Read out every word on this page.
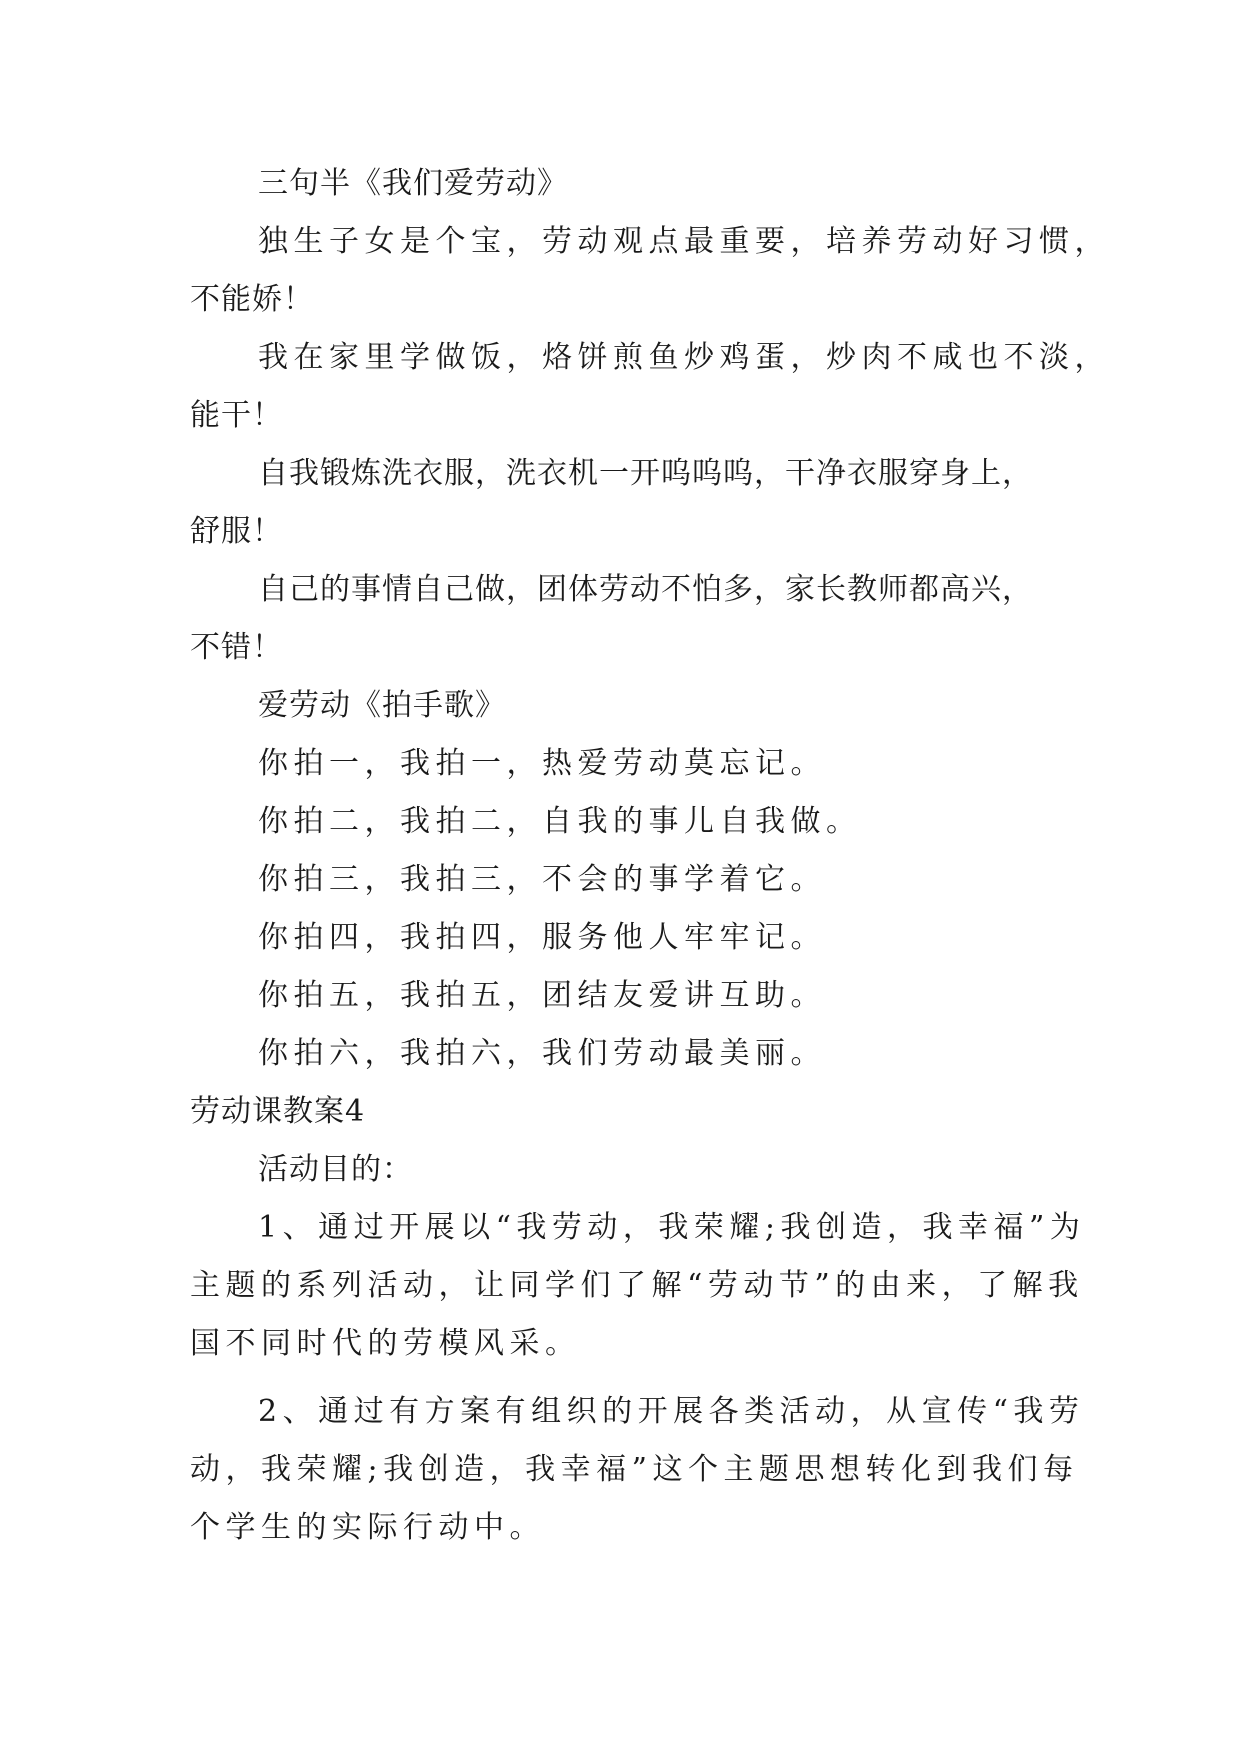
三句半《我们爱劳动》
独生子女是个宝，劳动观点最重要，培养劳动好习惯，
不能娇！
我在家里学做饭，烙饼煎鱼炒鸡蛋，炒肉不咸也不淡，
能干！
自我锻炼洗衣服，洗衣机一开呜呜呜，干净衣服穿身上，
舒服！
自己的事情自己做，团体劳动不怕多，家长教师都高兴，
不错！
爱劳动《拍手歌》
你拍一，我拍一，热爱劳动莫忘记。
你拍二，我拍二，自我的事儿自我做。
你拍三，我拍三，不会的事学着它。
你拍四，我拍四，服务他人牢牢记。
你拍五，我拍五，团结友爱讲互助。
你拍六，我拍六，我们劳动最美丽。
劳动课教案4
活动目的：
1、通过开展以“我劳动，我荣耀;我创造，我幸福”为
主题的系列活动，让同学们了解“劳动节”的由来，了解我
国不同时代的劳模风采。
2、通过有方案有组织的开展各类活动，从宣传“我劳
动，我荣耀;我创造，我幸福”这个主题思想转化到我们每
个学生的实际行动中。
